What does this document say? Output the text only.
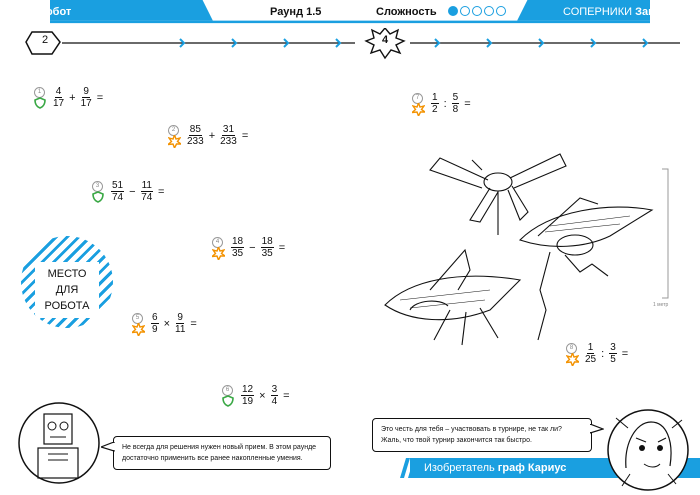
ТВОЙ робот	Раунд 1.5	Сложность	СОПЕРНИКИ Занозы
2	4
1	$\frac{4}{17} + \frac{9}{17}$ =
2	$\frac{85}{233} + \frac{31}{233}$ =
3	$\frac{51}{74} - \frac{11}{74}$ =
4	$\frac{18}{35} - \frac{18}{35}$ =
5	$\frac{6}{9} \times \frac{9}{11}$ =
6	$\frac{12}{19} \times \frac{3}{4}$ =
7	$\frac{1}{2}$ : $\frac{5}{8}$ =
8	$\frac{1}{25}$ : $\frac{3}{5}$ =
МЕСТО
ДЛЯ РОБОТА	1 метр
Не всегда для решения нужен новый прием. В этом раунде достаточно применить все ранее накопленные умения.
Это честь для тебя – участвовать в турнире, не так ли? Жаль, что твой турнир закончится так быстро.
Изобретатель граф Кариус
